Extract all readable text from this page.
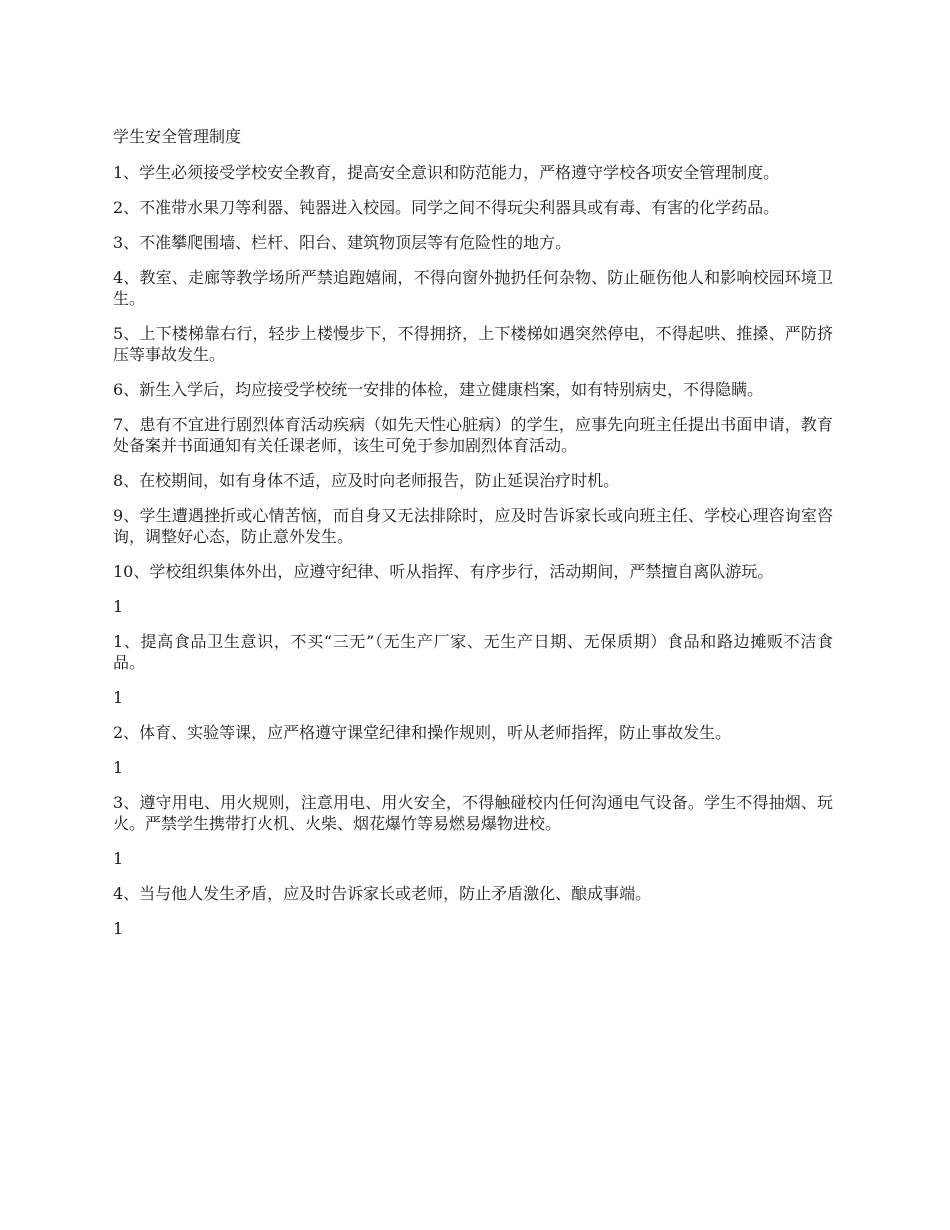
学生安全管理制度

1、学生必须接受学校安全教育，提高安全意识和防范能力，严格遵守学校各项安全管理制度。

2、不准带水果刀等利器、钝器进入校园。同学之间不得玩尖利器具或有毒、有害的化学药品。

3、不准攀爬围墙、栏杆、阳台、建筑物顶层等有危险性的地方。

4、教室、走廊等教学场所严禁追跑嬉闹，不得向窗外抛扔任何杂物、防止砸伤他人和影响校园环境卫生。

5、上下楼梯靠右行，轻步上楼慢步下，不得拥挤，上下楼梯如遇突然停电，不得起哄、推搡、严防挤压等事故发生。

6、新生入学后，均应接受学校统一安排的体检，建立健康档案，如有特别病史，不得隐瞒。

7、患有不宜进行剧烈体育活动疾病（如先天性心脏病）的学生，应事先向班主任提出书面申请，教育处备案并书面通知有关任课老师，该生可免于参加剧烈体育活动。

8、在校期间，如有身体不适，应及时向老师报告，防止延误治疗时机。

9、学生遭遇挫折或心情苦恼，而自身又无法排除时，应及时告诉家长或向班主任、学校心理咨询室咨询，调整好心态，防止意外发生。

10、学校组织集体外出，应遵守纪律、听从指挥、有序步行，活动期间，严禁擅自离队游玩。

1

1、提高食品卫生意识，不买“三无”（无生产厂家、无生产日期、无保质期）食品和路边摊贩不洁食品。

1

2、体育、实验等课，应严格遵守课堂纪律和操作规则，听从老师指挥，防止事故发生。

1

3、遵守用电、用火规则，注意用电、用火安全，不得触碰校内任何沟通电气设备。学生不得抽烟、玩火。严禁学生携带打火机、火柴、烟花爆竹等易燃易爆物进校。

1

4、当与他人发生矛盾，应及时告诉家长或老师，防止矛盾激化、酿成事端。

1
